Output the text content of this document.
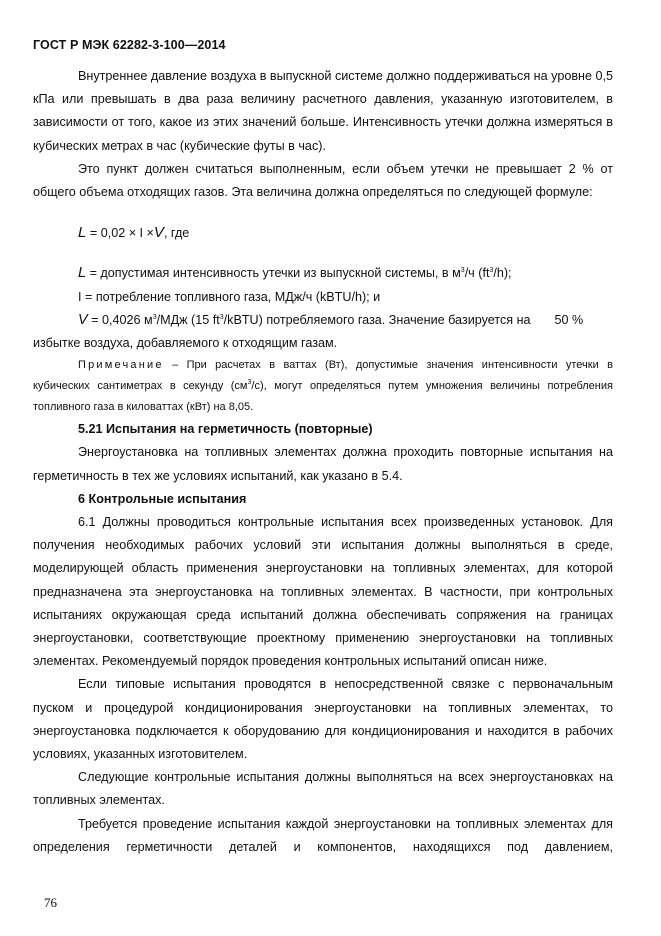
ГОСТ Р МЭК 62282-3-100—2014

Внутреннее давление воздуха в выпускной системе должно поддерживаться на уровне 0,5 кПа или превышать в два раза величину расчетного давления, указанную изготовителем, в зависимости от того, какое из этих значений больше. Интенсивность утечки должна измеряться в кубических метрах в час (кубические футы в час).

Это пункт должен считаться выполненным, если объем утечки не превышает 2 % от общего объема отходящих газов. Эта величина должна определяться по следующей формуле:

L = 0,02 × I ×V, где

L = допустимая интенсивность утечки из выпускной системы, в $м^3/ч$ $(ft^3/h)$;

I = потребление топливного газа, МДж/ч (kBTU/h); и

V = 0,4026 $м^3$/МДж (15 $ft^3/kBTU$) потребляемого газа. Значение базируется на 50 %
избытке воздуха, добавляемого к отходящим газам.

Примечание – При расчетах в ваттах (Вт), допустимые значения интенсивности утечки в кубических сантиметрах в секунду $(см^3/с)$, могут определяться путем умножения величины потребления топливного газа в киловаттах (кВт) на 8,05.

5.21 Испытания на герметичность (повторные)

Энергоустановка на топливных элементах должна проходить повторные испытания на герметичность в тех же условиях испытаний, как указано в 5.4.

6 Контрольные испытания

6.1 Должны проводиться контрольные испытания всех произведенных установок. Для получения необходимых рабочих условий эти испытания должны выполняться в среде, моделирующей область применения энергоустановки на топливных элементах, для которой предназначена эта энергоустановка на топливных элементах. В частности, при контрольных испытаниях окружающая среда испытаний должна обеспечивать сопряжения на границах энергоустановки, соответствующие проектному применению энергоустановки на топливных элементах. Рекомендуемый порядок проведения контрольных испытаний описан ниже.

Если типовые испытания проводятся в непосредственной связке с первоначальным пуском и процедурой кондиционирования энергоустановки на топливных элементах, то энергоустановка подключается к оборудованию для кондиционирования и находится в рабочих условиях, указанных изготовителем.

Следующие контрольные испытания должны выполняться на всех энергоустановках на топливных элементах.

Требуется проведение испытания каждой энергоустановки на топливных элементах для определения герметичности деталей и компонентов, находящихся под давлением,

76
